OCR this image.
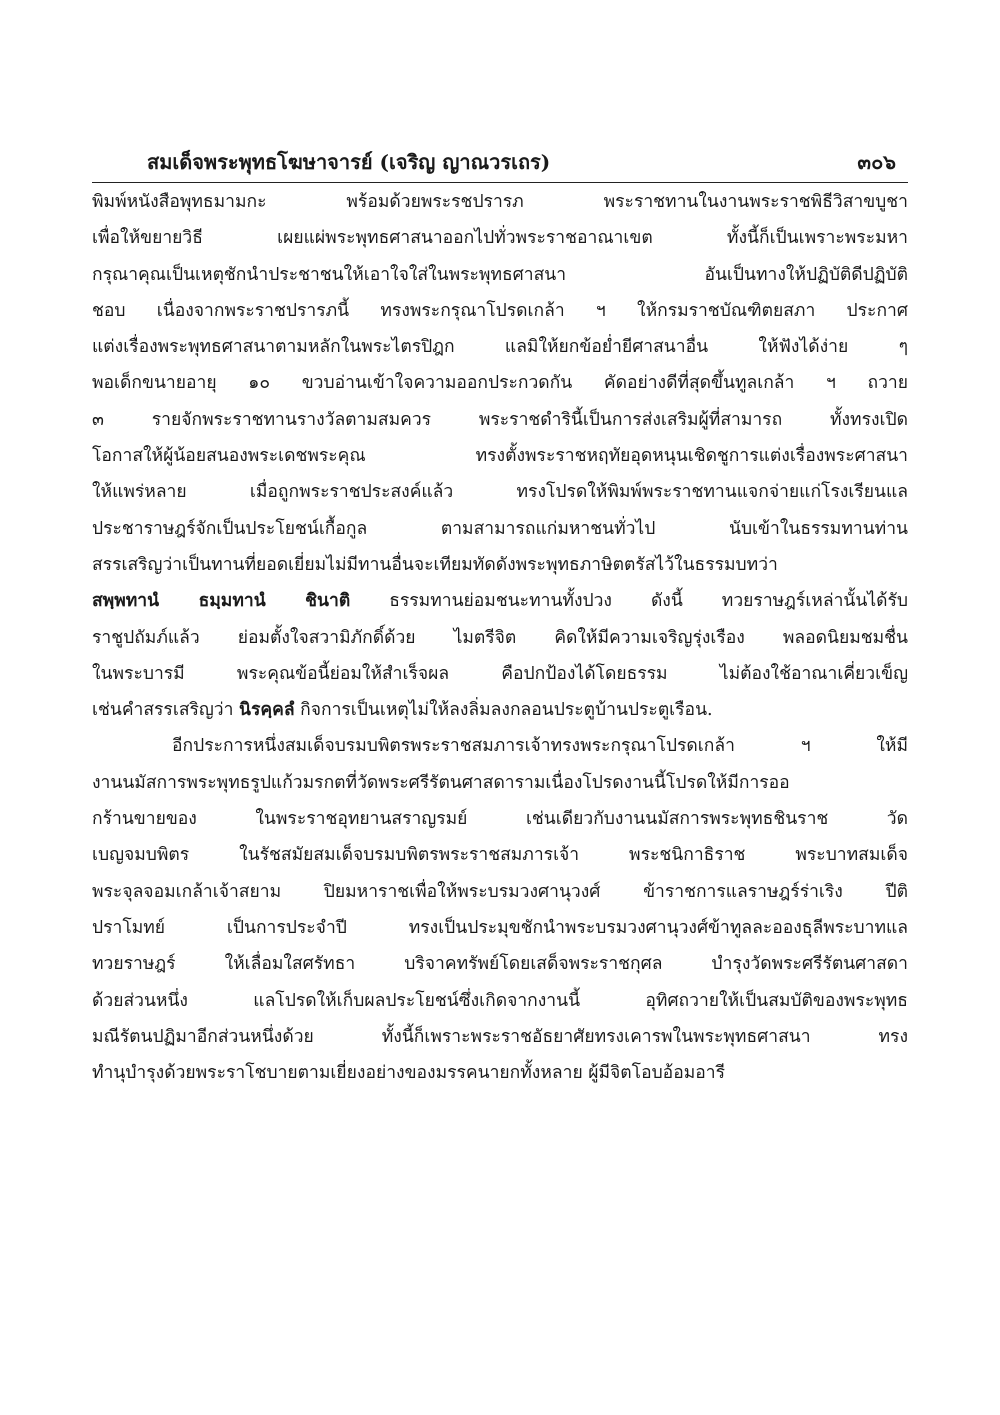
สมเด็จพระพุทธโฆษาจารย์ (เจริญ ญาณวรเถร)	๓๐๖
พิมพ์หนังสือพุทธมามกะ พร้อมด้วยพระรชปรารภ พระราชทานในงานพระราชพิธีวิสาขบูชา
เพื่อให้ขยายวิธี เผยแผ่พระพุทธศาสนาออกไปทั่วพระราชอาณาเขต ทั้งนี้ก็เป็นเพราะพระมหา
กรุณาคุณเป็นเหตุชักนำประชาชนให้เอาใจใส่ในพระพุทธศาสนา อันเป็นทางให้ปฏิบัติดีปฏิบัติ
ชอบ เนื่องจากพระราชปรารภนี้ ทรงพระกรุณาโปรดเกล้า ฯ ให้กรมราชบัณฑิตยสภา ประกาศ
แต่งเรื่องพระพุทธศาสนาตามหลักในพระไตรปิฎก แลมิให้ยกข้อย่ำยีศาสนาอื่น ให้ฟังได้ง่าย ๆ
พอเด็กขนายอายุ ๑๐ ขวบอ่านเข้าใจความออกประกวดกัน คัดอย่างดีที่สุดขึ้นทูลเกล้า ฯ ถวาย
๓ รายจักพระราชทานรางวัลตามสมควร พระราชดำรินี้เป็นการส่งเสริมผู้ที่สามารถ ทั้งทรงเปิด
โอกาสให้ผู้น้อยสนองพระเดชพระคุณ ทรงตั้งพระราชหฤทัยอุดหนุนเชิดชูการแต่งเรื่องพระศาสนา
ให้แพร่หลาย เมื่อถูกพระราชประสงค์แล้ว ทรงโปรดให้พิมพ์พระราชทานแจกจ่ายแก่โรงเรียนแล
ประชาราษฎร์จักเป็นประโยชน์เกื้อกูล ตามสามารถแก่มหาชนทั่วไป นับเข้าในธรรมทานท่าน
สรรเสริญว่าเป็นทานที่ยอดเยี่ยมไม่มีทานอื่นจะเทียมทัดดังพระพุทธภาษิตตรัสไว้ในธรรมบทว่า
สพฺพทานํ ธมฺมทานํ ชินาติ ธรรมทานย่อมชนะทานทั้งปวง ดังนี้ ทวยราษฎร์เหล่านั้นได้รับ
ราชูปถัมภ์แล้ว ย่อมตั้งใจสวามิภักดิ์ด้วย ไมตรีจิต คิดให้มีความเจริญรุ่งเรือง พลอดนิยมชมชื่น
ในพระบารมี พระคุณข้อนี้ย่อมให้สำเร็จผล คือปกป้องได้โดยธรรม ไม่ต้องใช้อาณาเคี่ยวเข็ญ
เช่นคำสรรเสริญว่า นิรคฺคลํ กิจการเป็นเหตุไม่ให้ลงลิ่มลงกลอนประตูบ้านประตูเรือน.
อีกประการหนึ่งสมเด็จบรมบพิตรพระราชสมภารเจ้าทรงพระกรุณาโปรดเกล้า ฯ ให้มี
งานนมัสการพระพุทธรูปแก้วมรกตที่วัดพระศรีรัตนศาสดารามเนื่องโปรดงานนี้โปรดให้มีการออ
กร้านขายของ ในพระราชอุทยานสราญรมย์ เช่นเดียวกับงานนมัสการพระพุทธชินราช วัด
เบญจมบพิตร ในรัชสมัยสมเด็จบรมบพิตรพระราชสมภารเจ้า พระชนิกาธิราช พระบาทสมเด็จ
พระจุลจอมเกล้าเจ้าสยาม ปิยมหาราชเพื่อให้พระบรมวงศานุวงศ์ ข้าราชการแลราษฎร์ร่าเริง ปีติ
ปราโมทย์ เป็นการประจำปี ทรงเป็นประมุขชักนำพระบรมวงศานุวงศ์ข้าทูลละอองธุลีพระบาทแล
ทวยราษฎร์ ให้เลื่อมใสศรัทธา บริจาคทรัพย์โดยเสด็จพระราชกุศล บำรุงวัดพระศรีรัตนศาสดา
ด้วยส่วนหนึ่ง แลโปรดให้เก็บผลประโยชน์ซึ่งเกิดจากงานนี้ อุทิศถวายให้เป็นสมบัติของพระพุทธ
มณีรัตนปฏิมาอีกส่วนหนึ่งด้วย ทั้งนี้ก็เพราะพระราชอัธยาศัยทรงเคารพในพระพุทธศาสนา ทรง
ทำนุบำรุงด้วยพระราโชบายตามเยี่ยงอย่างของมรรคนายกทั้งหลาย ผู้มีจิตโอบอ้อมอารี
